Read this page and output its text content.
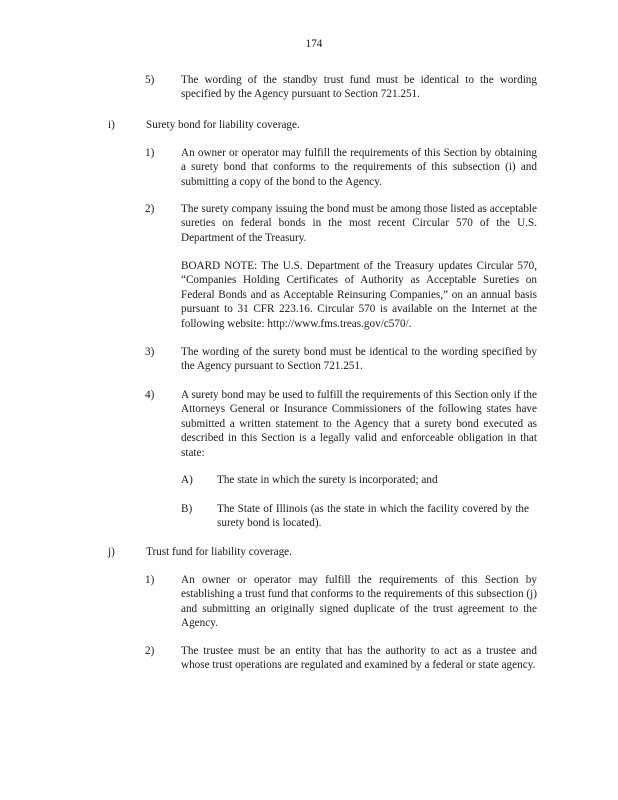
174
5) The wording of the standby trust fund must be identical to the wording specified by the Agency pursuant to Section 721.251.
i)	Surety bond for liability coverage.
1) An owner or operator may fulfill the requirements of this Section by obtaining a surety bond that conforms to the requirements of this subsection (i) and submitting a copy of the bond to the Agency.
2) The surety company issuing the bond must be among those listed as acceptable sureties on federal bonds in the most recent Circular 570 of the U.S. Department of the Treasury.
BOARD NOTE: The U.S. Department of the Treasury updates Circular 570, “Companies Holding Certificates of Authority as Acceptable Sureties on Federal Bonds and as Acceptable Reinsuring Companies,” on an annual basis pursuant to 31 CFR 223.16. Circular 570 is available on the Internet at the following website: http://www.fms.treas.gov/c570/.
3) The wording of the surety bond must be identical to the wording specified by the Agency pursuant to Section 721.251.
4) A surety bond may be used to fulfill the requirements of this Section only if the Attorneys General or Insurance Commissioners of the following states have submitted a written statement to the Agency that a surety bond executed as described in this Section is a legally valid and enforceable obligation in that state:
A) The state in which the surety is incorporated; and
B) The State of Illinois (as the state in which the facility covered by the surety bond is located).
j)	Trust fund for liability coverage.
1) An owner or operator may fulfill the requirements of this Section by establishing a trust fund that conforms to the requirements of this subsection (j) and submitting an originally signed duplicate of the trust agreement to the Agency.
2) The trustee must be an entity that has the authority to act as a trustee and whose trust operations are regulated and examined by a federal or state agency.
